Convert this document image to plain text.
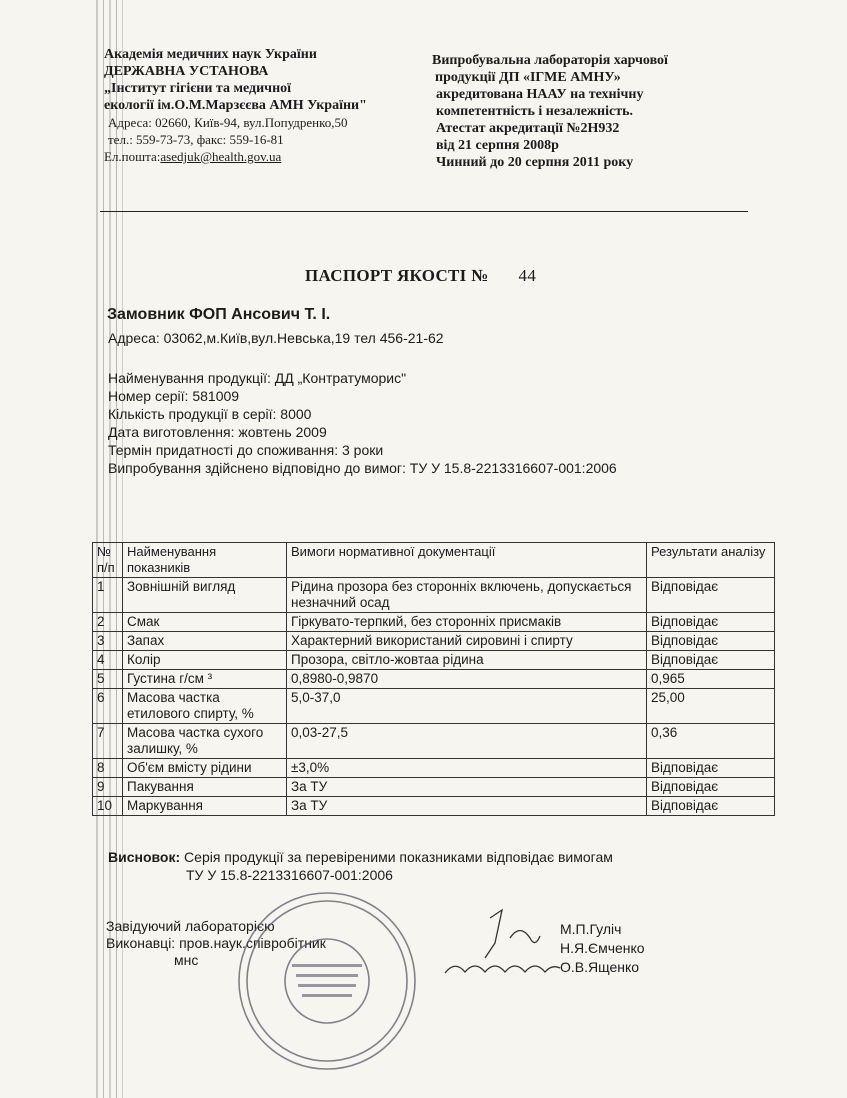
Академія медичних наук України
ДЕРЖАВНА УСТАНОВА
„Інститут гігієни та медичної
екології ім.О.М.Марзєєва АМН України"
Адреса: 02660, Київ-94, вул.Попудренко,50
тел.: 559-73-73, факс: 559-16-81
Ел.пошта:asedjuk@health.gov.ua
Випробувальна лабораторія харчової
продукції ДП «ІГМЕ АМНУ»
акредитована НААУ на технічну
компетентність і незалежність.
Атестат акредитації №2Н932
від 21 серпня 2008р
Чинний до 20 серпня 2011 року
ПАСПОРТ ЯКОСТІ № 44
Замовник ФОП Ансович Т. І.
Адреса: 03062,м.Київ,вул.Невська,19 тел 456-21-62
Найменування продукції: ДД „Контратуморис"
Номер серії: 581009
Кількість продукції в серії: 8000
Дата виготовлення: жовтень 2009
Термін придатності до споживання: 3 роки
Випробування здійснено відповідно до вимог: ТУ У 15.8-2213316607-001:2006
№ п/п	Найменування показників	Вимоги нормативної документації	Результати аналізу
1	Зовнішній вигляд	Рідина прозора без сторонніх включень, допускається незначний осад	Відповідає
2	Смак	Гіркувато-терпкий, без сторонніх присмаків	Відповідає
3	Запах	Характерний використаний сировині і спирту	Відповідає
4	Колір	Прозора, світло-жовтаа рідина	Відповідає
5	Густина г/см ³	0,8980-0,9870	0,965
6	Масова частка етилового спирту, %	5,0-37,0	25,00
7	Масова частка сухого залишку, %	0,03-27,5	0,36
8	Об'єм вмісту рідини	±3,0%	Відповідає
9	Пакування	За ТУ	Відповідає
10	Маркування	За ТУ	Відповідає
Висновок: Серія продукції за перевіреними показниками відповідає вимогам
ТУ У 15.8-2213316607-001:2006
Завідуючий лабораторією
Виконавці: пров.наук.співробітник
мнс
М.П.Гуліч
Н.Я.Ємченко
О.В.Ященко
